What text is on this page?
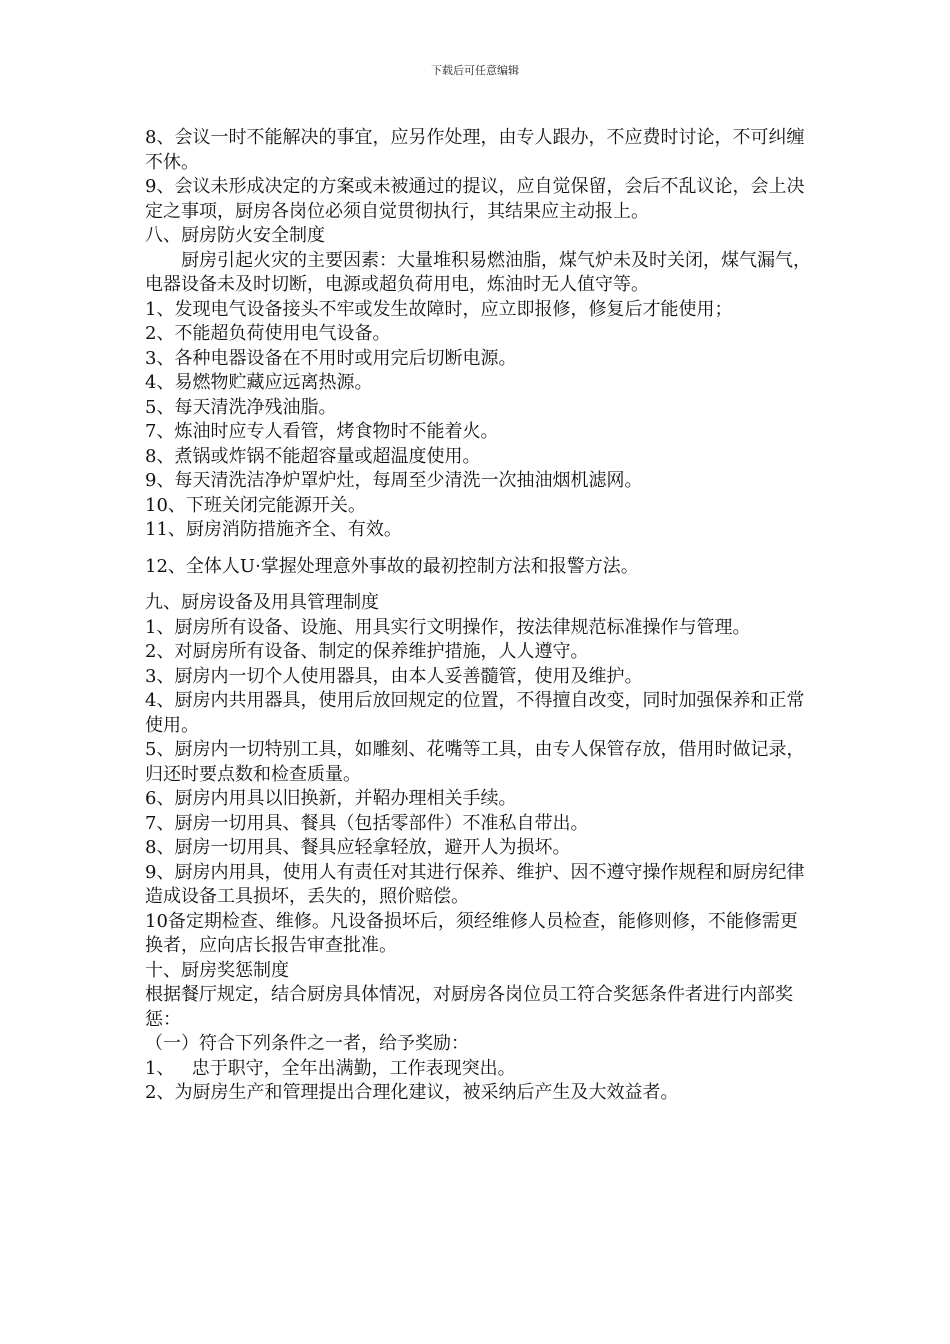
下载后可任意编辑

8、会议一时不能解决的事宜，应另作处理，由专人跟办，不应费时讨论，不可纠缠不休。

9、会议未形成决定的方案或未被通过的提议，应自觉保留，会后不乱议论，会上决定之事项，厨房各岗位必须自觉贯彻执行，其结果应主动报上。

八、厨房防火安全制度

厨房引起火灾的主要因素：大量堆积易燃油脂，煤气炉未及时关闭，煤气漏气，电器设备未及时切断，电源或超负荷用电，炼油时无人值守等。

1、发现电气设备接头不牢或发生故障时，应立即报修，修复后才能使用；

2、不能超负荷使用电气设备。

3、各种电器设备在不用时或用完后切断电源。

4、易燃物贮藏应远离热源。

5、每天清洗净残油脂。

7、炼油时应专人看管，烤食物时不能着火。

8、煮锅或炸锅不能超容量或超温度使用。

9、每天清洗洁净炉罩炉灶，每周至少清洗一次抽油烟机滤网。

10、下班关闭完能源开关。

11、厨房消防措施齐全、有效。

12、全体人U·掌握处理意外事故的最初控制方法和报警方法。

九、厨房设备及用具管理制度

1、厨房所有设备、设施、用具实行文明操作，按法律规范标准操作与管理。

2、对厨房所有设备、制定的保养维护措施，人人遵守。

3、厨房内一切个人使用器具，由本人妥善髓管，使用及维护。

4、厨房内共用器具，使用后放回规定的位置，不得擅自改变，同时加强保养和正常使用。

5、厨房内一切特别工具，如雕刻、花嘴等工具，由专人保管存放，借用时做记录，归还时要点数和检查质量。

6、厨房内用具以旧换新，并鞀办理相关手续。

7、厨房一切用具、餐具（包括零部件）不准私自带出。

8、厨房一切用具、餐具应轻拿轻放，避开人为损坏。

9、厨房内用具，使用人有责任对其进行保养、维护、因不遵守操作规程和厨房纪律造成设备工具损坏，丢失的，照价赔偿。

10备定期检查、维修。凡设备损坏后，须经维修人员检查，能修则修，不能修需更换者，应向店长报告审查批准。

十、厨房奖惩制度

根据餐厅规定，结合厨房具体情况，对厨房各岗位员工符合奖惩条件者进行内部奖惩：

（一）符合下列条件之一者，给予奖励：

1、   忠于职守，全年出满勤，工作表现突出。

2、为厨房生产和管理提出合理化建议，被采纳后产生及大效益者。
